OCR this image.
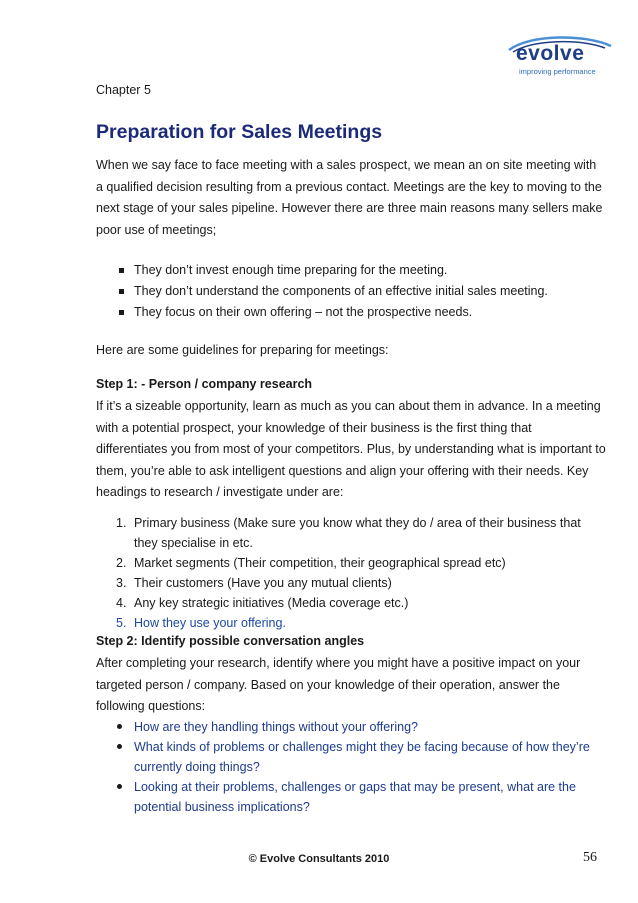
evolve
improving performance
Chapter 5
Preparation for Sales Meetings

When we say face to face meeting with a sales prospect, we mean an on site meeting with a qualified decision resulting from a previous contact. Meetings are the key to moving to the next stage of your sales pipeline. However there are three main reasons many sellers make poor use of meetings;

They don’t invest enough time preparing for the meeting.
They don’t understand the components of an effective initial sales meeting.
They focus on their own offering – not the prospective needs.

Here are some guidelines for preparing for meetings:

Step 1: - Person / company research

If it’s a sizeable opportunity, learn as much as you can about them in advance. In a meeting with a potential prospect, your knowledge of their business is the first thing that differentiates you from most of your competitors. Plus, by understanding what is important to them, you’re able to ask intelligent questions and align your offering with their needs. Key headings to research / investigate under are:

1. Primary business (Make sure you know what they do / area of their business that they specialise in etc.
2. Market segments (Their competition, their geographical spread etc)
3. Their customers (Have you any mutual clients)
4. Any key strategic initiatives (Media coverage etc.)
5. How they use your offering.

Step 2: Identify possible conversation angles

After completing your research, identify where you might have a positive impact on your targeted person / company. Based on your knowledge of their operation, answer the following questions:

How are they handling things without your offering?
What kinds of problems or challenges might they be facing because of how they’re currently doing things?
Looking at their problems, challenges or gaps that may be present, what are the potential business implications?
© Evolve Consultants 2010	56
